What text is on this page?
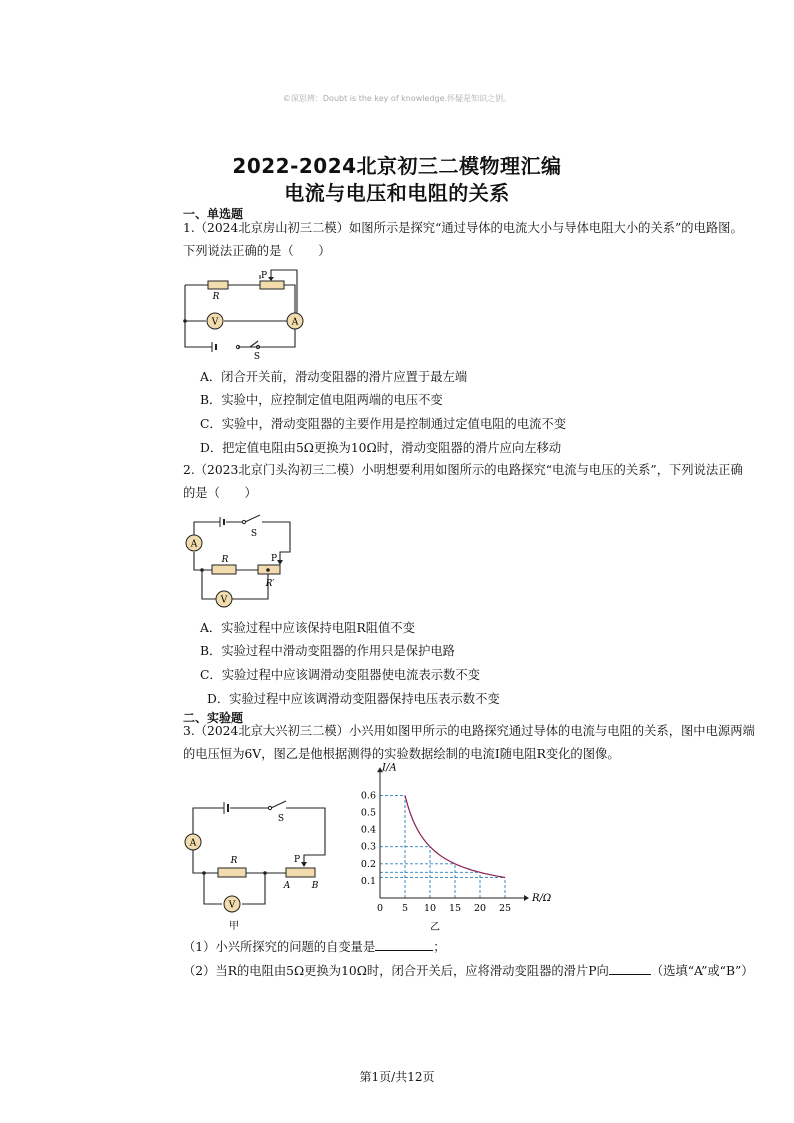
©深思辨：Doubt is the key of knowledge.怀疑是知识之钥。
2022-2024北京初三二模物理汇编
电流与电压和电阻的关系
一、单选题
1.（2024北京房山初三二模）如图所示是探究“通过导体的电流大小与导体电阻大小的关系”的电路图。下列说法正确的是（　　）
R
P
V	A
S
A．闭合开关前，滑动变阻器的滑片应置于最左端
B．实验中，应控制定值电阻两端的电压不变
C．实验中，滑动变阻器的主要作用是控制通过定值电阻的电流不变
D．把定值电阻由5Ω更换为10Ω时，滑动变阻器的滑片应向左移动
2.（2023北京门头沟初三二模）小明想要利用如图所示的电路探究“电流与电压的关系”，下列说法正确的是（　　）
A
S
R	P
R′
V
A．实验过程中应该保持电阻R阻值不变
B．实验过程中滑动变阻器的作用只是保护电路
C．实验过程中应该调滑动变阻器使电流表示数不变
D．实验过程中应该调滑动变阻器保持电压表示数不变
二、实验题
3.（2024北京大兴初三二模）小兴用如图甲所示的电路探究通过导体的电流与电阻的关系，图中电源两端的电压恒为6V，图乙是他根据测得的实验数据绘制的电流I随电阻R变化的图像。
A
S
R	P
A B
V
甲
0 5 10 15 20 25
0.1
0.2
0.3
0.4
0.5
0.6
I/A
R/Ω
乙
（1）小兴所探究的问题的自变量是	；
（2）当R的电阻由5Ω更换为10Ω时，闭合开关后，应将滑动变阻器的滑片P向	（选填“A”或“B”）
第1页/共12页
